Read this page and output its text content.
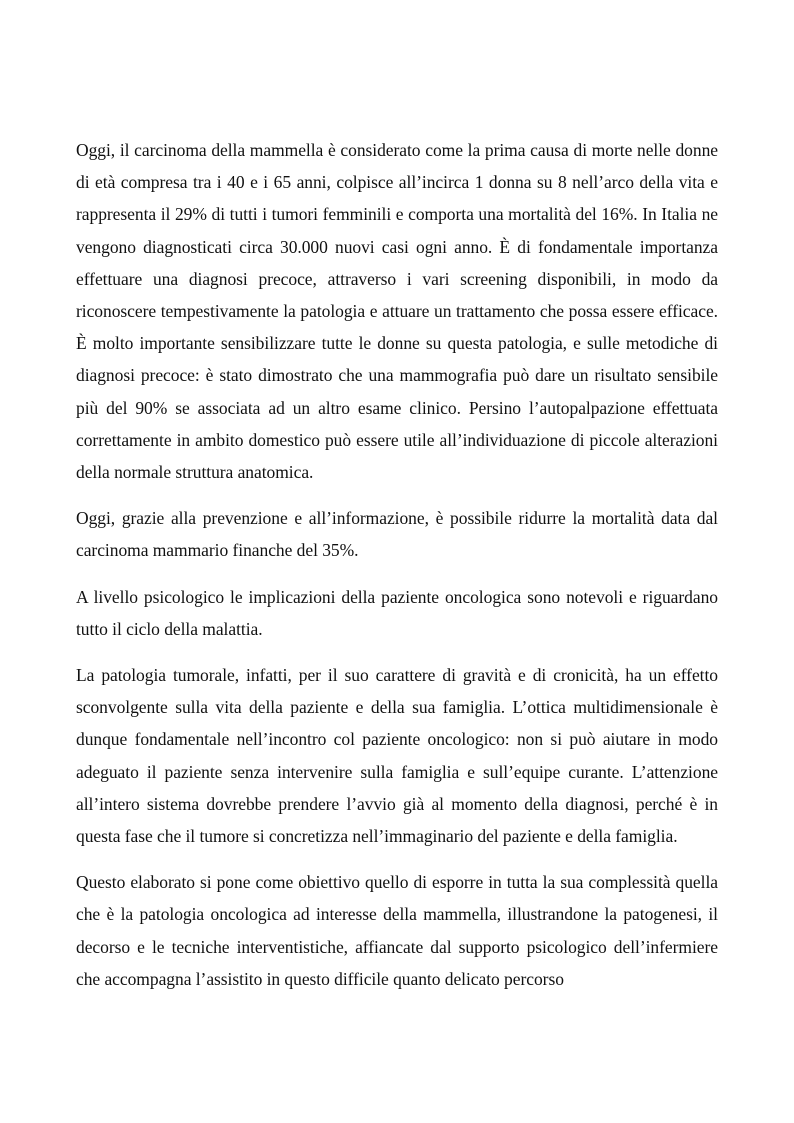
Oggi, il carcinoma della mammella è considerato come la prima causa di morte nelle donne di età compresa tra i 40 e i 65 anni, colpisce all’incirca 1 donna su 8 nell’arco della vita e rappresenta il 29% di tutti i tumori femminili e comporta una mortalità del 16%. In Italia ne vengono diagnosticati circa 30.000 nuovi casi ogni anno. È di fondamentale importanza effettuare una diagnosi precoce, attraverso i vari screening disponibili, in modo da riconoscere tempestivamente la patologia e attuare un trattamento che possa essere efficace. È molto importante sensibilizzare tutte le donne su questa patologia, e sulle metodiche di diagnosi precoce: è stato dimostrato che una mammografia può dare un risultato sensibile più del 90% se associata ad un altro esame clinico. Persino l’autopalpazione effettuata correttamente in ambito domestico può essere utile all’individuazione di piccole alterazioni della normale struttura anatomica.

Oggi, grazie alla prevenzione e all’informazione, è possibile ridurre la mortalità data dal carcinoma mammario finanche del 35%.

A livello psicologico le implicazioni della paziente oncologica sono notevoli e riguardano tutto il ciclo della malattia.

La patologia tumorale, infatti, per il suo carattere di gravità e di cronicità, ha un effetto sconvolgente sulla vita della paziente e della sua famiglia. L’ottica multidimensionale è dunque fondamentale nell’incontro col paziente oncologico: non si può aiutare in modo adeguato il paziente senza intervenire sulla famiglia e sull’equipe curante. L’attenzione all’intero sistema dovrebbe prendere l’avvio già al momento della diagnosi, perché è in questa fase che il tumore si concretizza nell’immaginario del paziente e della famiglia.

Questo elaborato si pone come obiettivo quello di esporre in tutta la sua complessità quella che è la patologia oncologica ad interesse della mammella, illustrandone la patogenesi, il decorso e le tecniche interventistiche, affiancate dal supporto psicologico dell’infermiere che accompagna l’assistito in questo difficile quanto delicato percorso
